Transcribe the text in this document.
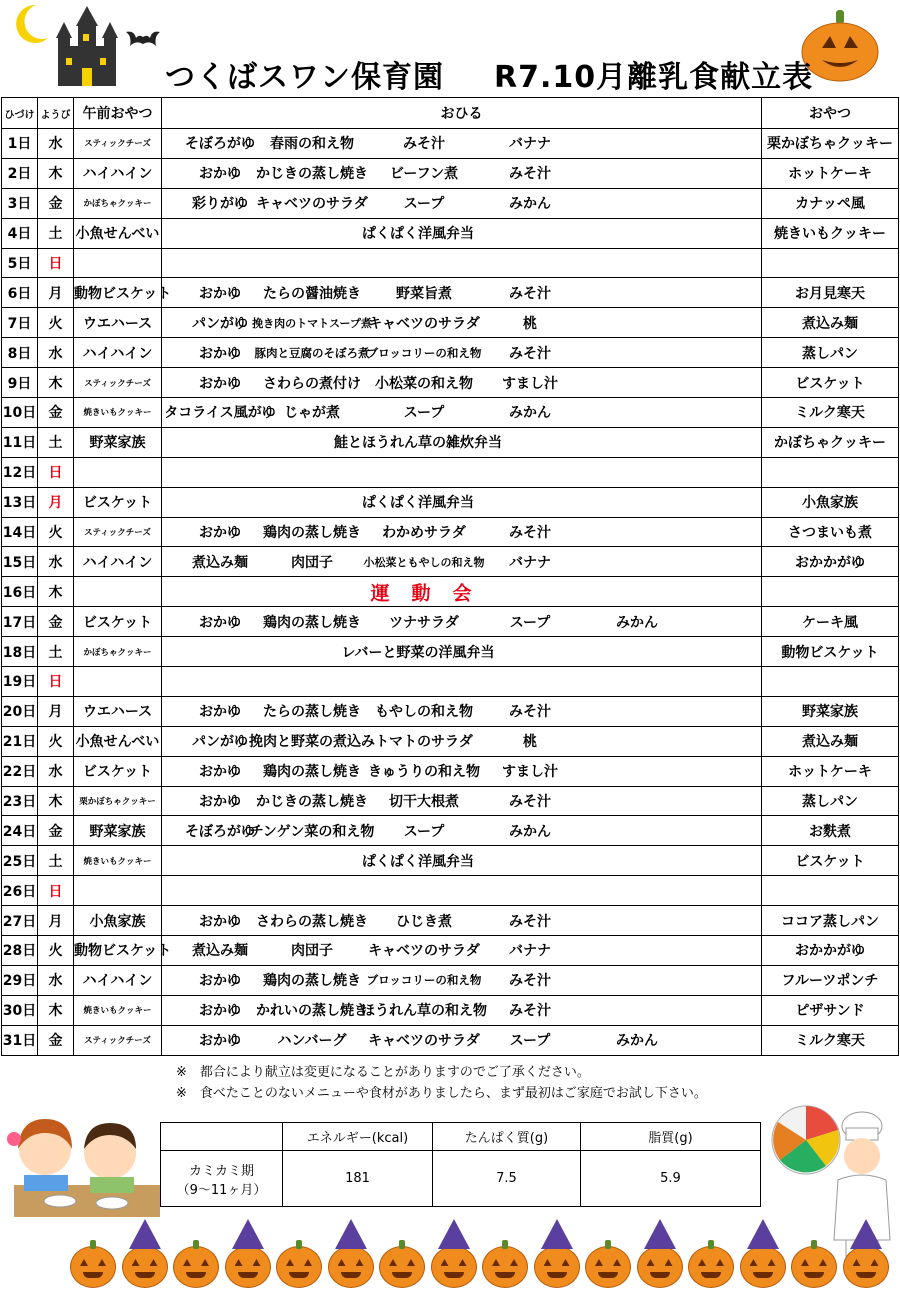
つくばスワン保育園 R7.10月離乳食献立表
ひづけ	ようび	午前おやつ	おひる	おやつ
1日	水	スティックチーズ	そぼろがゆ 春雨の和え物 みそ汁 バナナ	栗かぼちゃクッキー
2日	木	ハイハイン	おかゆ かじきの蒸し焼き ビーフン煮 みそ汁	ホットケーキ
3日	金	かぼちゃクッキー	彩りがゆ キャベツのサラダ スープ みかん	カナッペ風
4日	土	小魚せんべい	ぱくぱく洋風弁当	焼きいもクッキー
5日	日			
6日	月	動物ビスケット	おかゆ たらの醤油焼き 野菜旨煮 みそ汁	お月見寒天
7日	火	ウエハース	パンがゆ 挽き肉のトマトスープ煮
キャベツのサラダ 桃	煮込み麺
8日	水	ハイハイン	おかゆ 豚肉と豆腐のそぼろ煮
ブロッコリーの和え物 みそ汁	蒸しパン
9日	木	スティックチーズ	おかゆ さわらの煮付け 小松菜の和え物 すまし汁	ビスケット
10日	金	焼きいもクッキー	タコライス風がゆ じゃが煮 スープ みかん	ミルク寒天
11日	土	野菜家族	鮭とほうれん草の雑炊弁当	かぼちゃクッキー
12日	日			
13日	月	ビスケット	ぱくぱく洋風弁当	小魚家族
14日	火	スティックチーズ	おかゆ 鶏肉の蒸し焼き わかめサラダ みそ汁	さつまいも煮
15日	水	ハイハイン	煮込み麺 肉団子 小松菜ともやしの和え物 バナナ	おかかがゆ
16日	木		運動会	

17日	金	ビスケット	おかゆ 鶏肉の蒸し焼き ツナサラダ スープ みかん	ケーキ風
18日	土	かぼちゃクッキー	レバーと野菜の洋風弁当	動物ビスケット
19日	日			
20日	月	ウエハース	おかゆ たらの蒸し焼き もやしの和え物 みそ汁	野菜家族
21日	火	小魚せんべい	パンがゆ 挽肉と野菜の煮込み トマトのサラダ 桃	煮込み麺
22日	水	ビスケット	おかゆ 鶏肉の蒸し焼き きゅうりの和え物 すまし汁	ホットケーキ
23日	木	栗かぼちゃクッキー	おかゆ かじきの蒸し焼き 切干大根煮 みそ汁	蒸しパン
24日	金	野菜家族	そぼろがゆ
チンゲン菜の和え物 スープ みかん	お麩煮
25日	土	焼きいもクッキー	ぱくぱく洋風弁当	ビスケット
26日	日			
27日	月	小魚家族	おかゆ さわらの蒸し焼き ひじき煮 みそ汁	ココア蒸しパン
28日	火	動物ビスケット	煮込み麺 肉団子 キャベツのサラダ バナナ	おかかがゆ
29日	水	ハイハイン	おかゆ 鶏肉の蒸し焼き ブロッコリーの和え物 みそ汁	フルーツポンチ
30日	木	焼きいもクッキー	おかゆ かれいの蒸し焼き
ほうれん草の和え物 みそ汁	ピザサンド
31日	金	スティックチーズ	おかゆ ハンバーグ キャベツのサラダ スープ みかん	ミルク寒天
※　都合により献立は変更になることがありますのでご了承ください。
※　食べたことのないメニューや食材がありましたら、まず最初はご家庭でお試し下さい。
	エネルギー(kcal)	たんぱく質(g)	脂質(g)

カミカミ期
（9～11ヶ月）	181	7.5	5.9
